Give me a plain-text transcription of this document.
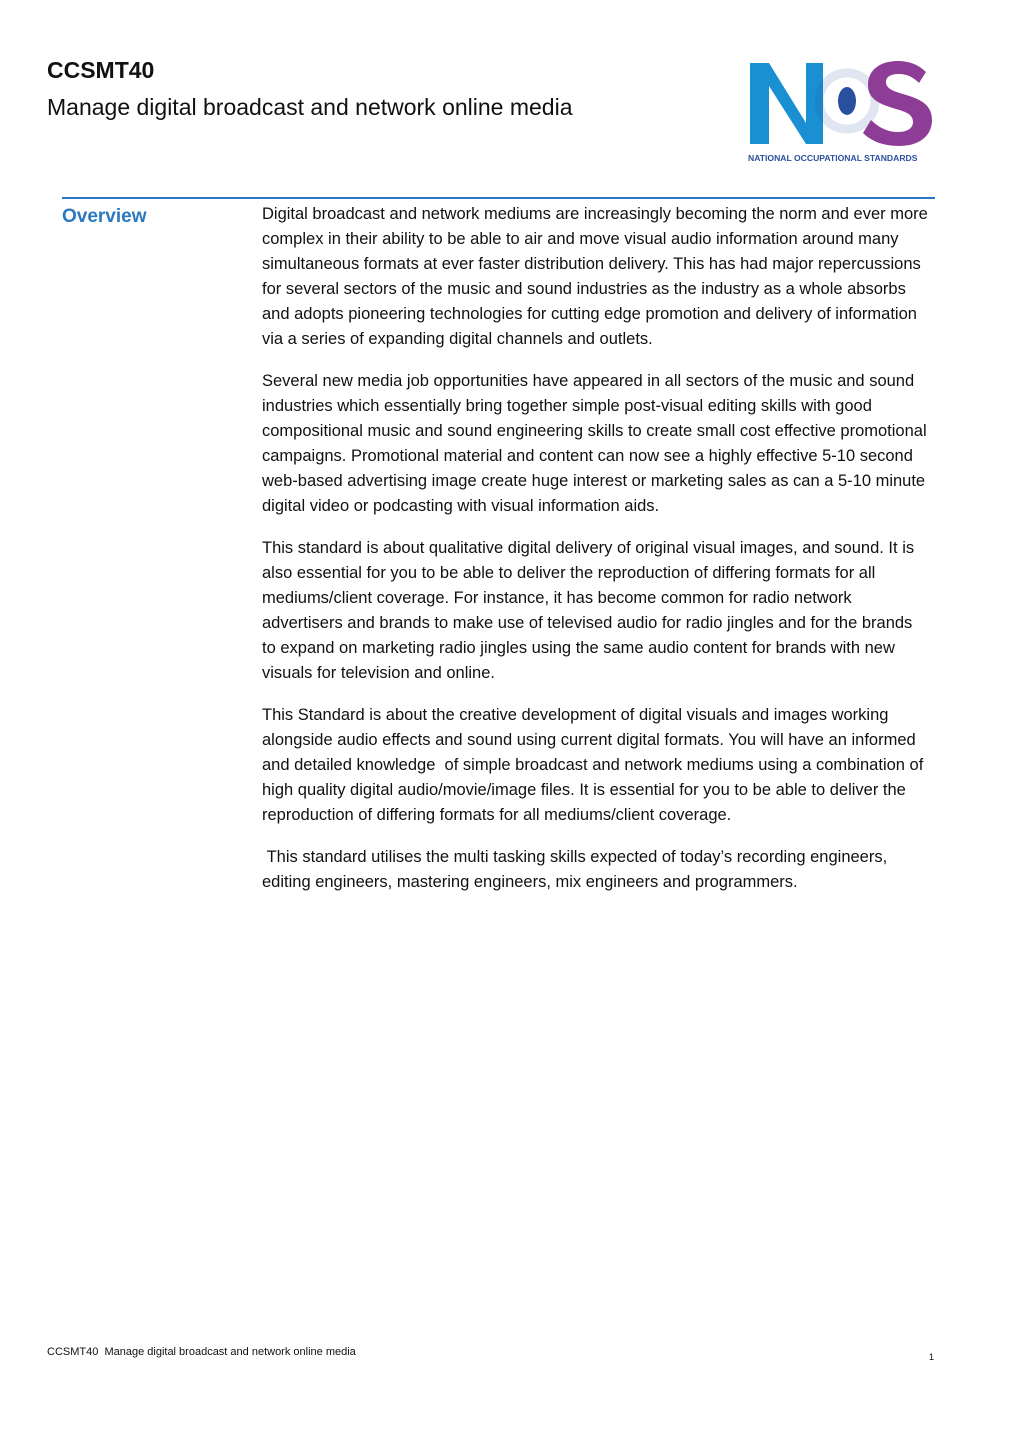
CCSMT40
Manage digital broadcast and network online media
NATIONAL OCCUPATIONAL STANDARDS
Overview	Digital broadcast and network mediums are increasingly becoming the norm and ever more complex in their ability to be able to air and move visual audio information around many simultaneous formats at ever faster distribution delivery. This has had major repercussions for several sectors of the music and sound industries as the industry as a whole absorbs and adopts pioneering technologies for cutting edge promotion and delivery of information via a series of expanding digital channels and outlets.

Several new media job opportunities have appeared in all sectors of the music and sound industries which essentially bring together simple post-visual editing skills with good compositional music and sound engineering skills to create small cost effective promotional campaigns. Promotional material and content can now see a highly effective 5-10 second web-based advertising image create huge interest or marketing sales as can a 5-10 minute digital video or podcasting with visual information aids.

This standard is about qualitative digital delivery of original visual images, and sound. It is also essential for you to be able to deliver the reproduction of differing formats for all mediums/client coverage. For instance, it has become common for radio network advertisers and brands to make use of televised audio for radio jingles and for the brands to expand on marketing radio jingles using the same audio content for brands with new visuals for television and online.

This Standard is about the creative development of digital visuals and images working alongside audio effects and sound using current digital formats. You will have an informed and detailed knowledge  of simple broadcast and network mediums using a combination of high quality digital audio/movie/image files. It is essential for you to be able to deliver the reproduction of differing formats for all mediums/client coverage.

This standard utilises the multi tasking skills expected of today’s recording engineers, editing engineers, mastering engineers, mix engineers and programmers.

CCSMT40  Manage digital broadcast and network online media	1
